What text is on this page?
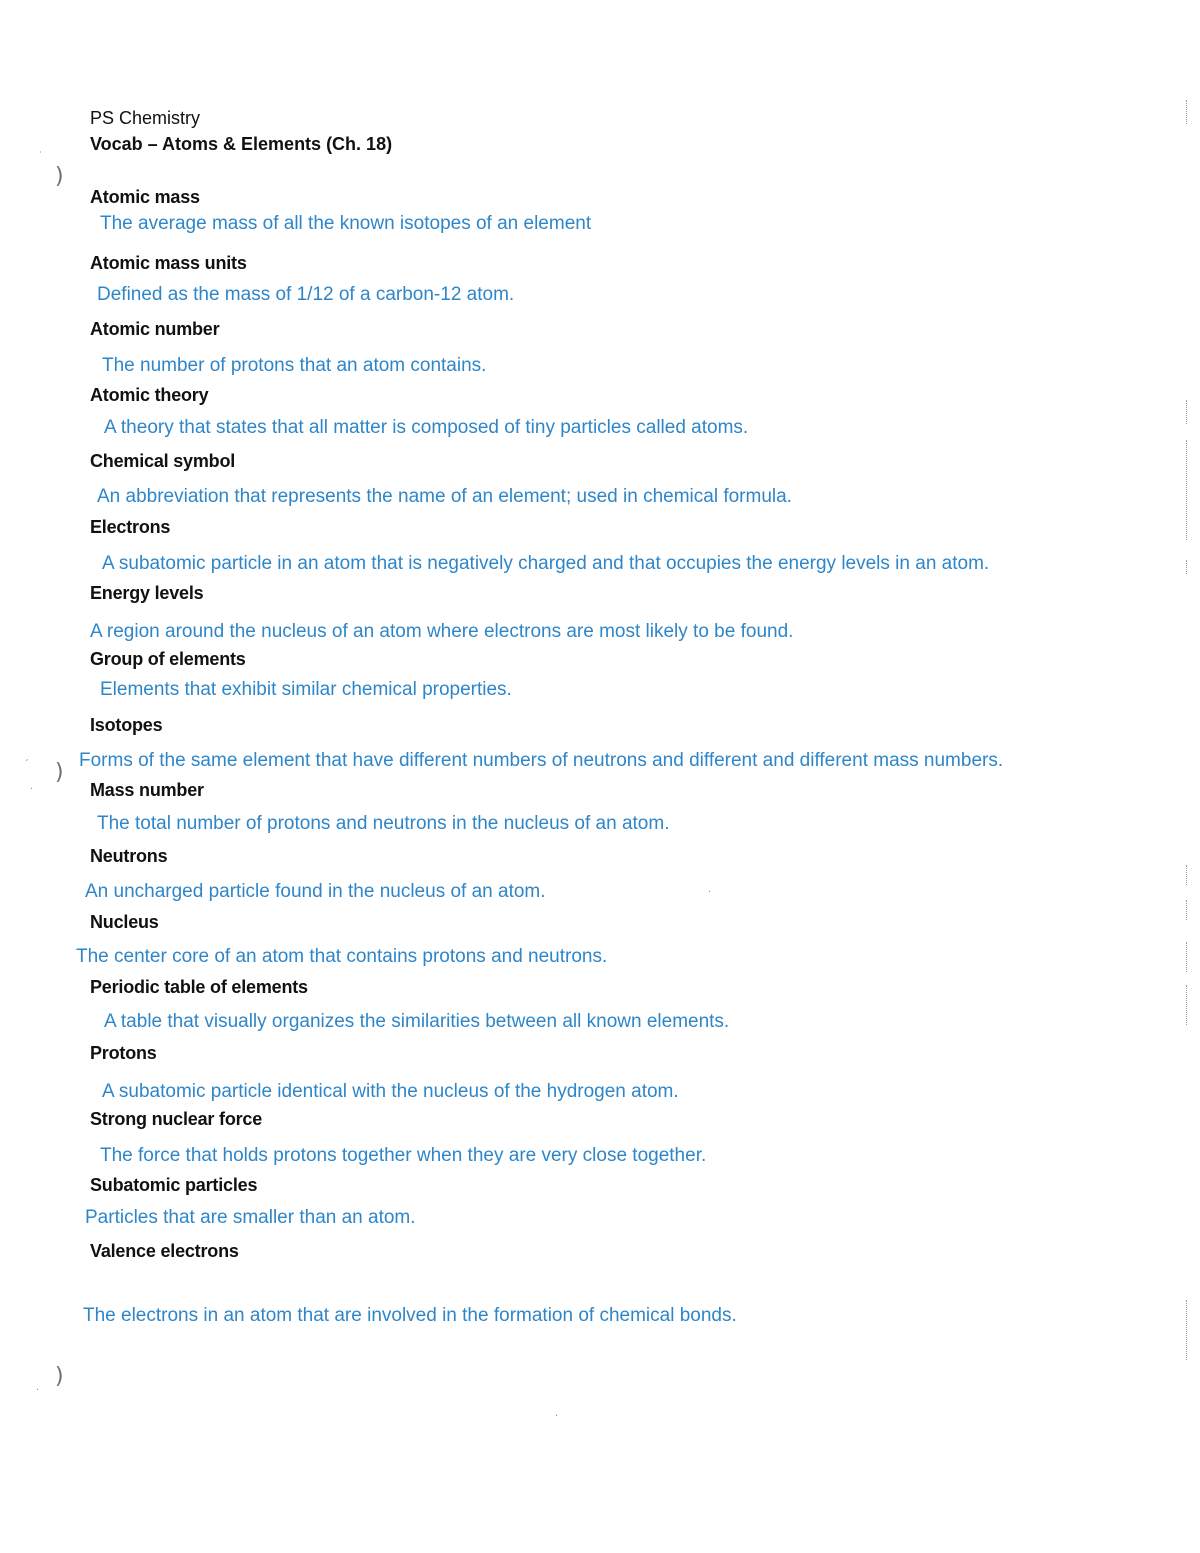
PS Chemistry
Vocab – Atoms & Elements (Ch. 18)
Atomic mass
The average mass of all the known isotopes of an element
Atomic mass units
Defined as the mass of 1/12 of a carbon-12 atom.
Atomic number
The number of protons that an atom contains.
Atomic theory
A theory that states that all matter is composed of tiny particles called atoms.
Chemical symbol
An abbreviation that represents the name of an element; used in chemical formula.
Electrons
A subatomic particle in an atom that is negatively charged and that occupies the energy levels in an atom.
Energy levels
A region around the nucleus of an atom where electrons are most likely to be found.
Group of elements
Elements that exhibit similar chemical properties.
Isotopes
Forms of the same element that have different numbers of neutrons and different and different mass numbers.
Mass number
The total number of protons and neutrons in the nucleus of an atom.
Neutrons
An uncharged particle found in the nucleus of an atom.
Nucleus
The center core of an atom that contains protons and neutrons.
Periodic table of elements
A table that visually organizes the similarities between all known elements.
Protons
A subatomic particle identical with the nucleus of the hydrogen atom.
Strong nuclear force
The force that holds protons together when they are very close together.
Subatomic particles
Particles that are smaller than an atom.
Valence electrons
The electrons in an atom that are involved in the formation of chemical bonds.
)
˙
)
´
·
)
·
·
·
